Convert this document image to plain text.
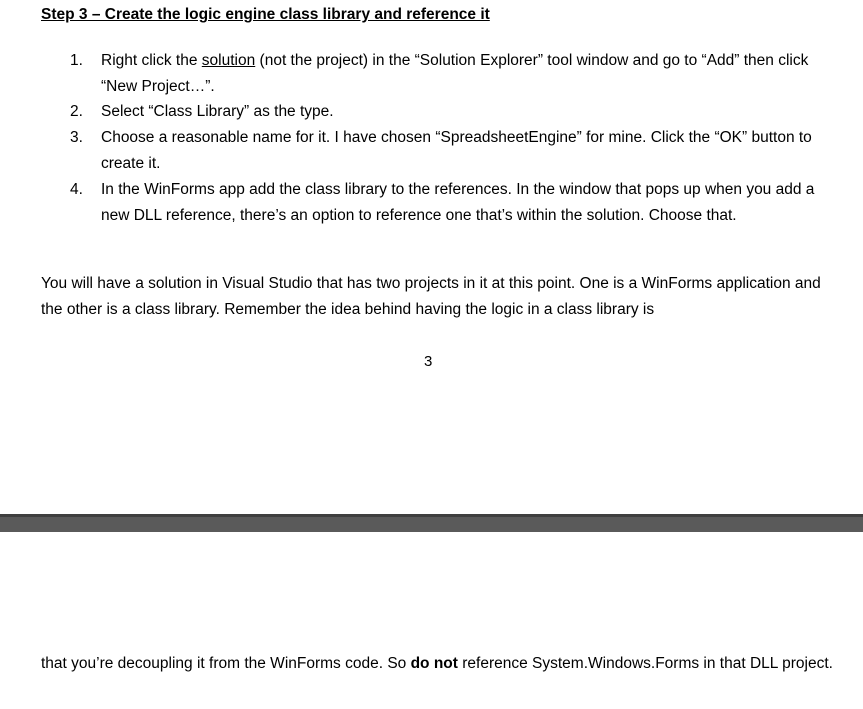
Step 3 – Create the logic engine class library and reference it
1. Right click the solution (not the project) in the “Solution Explorer” tool window and go to “Add” then click “New Project…”.
2. Select “Class Library” as the type.
3. Choose a reasonable name for it. I have chosen “SpreadsheetEngine” for mine. Click the “OK” button to create it.
4. In the WinForms app add the class library to the references. In the window that pops up when you add a new DLL reference, there’s an option to reference one that’s within the solution. Choose that.
You will have a solution in Visual Studio that has two projects in it at this point. One is a WinForms application and the other is a class library. Remember the idea behind having the logic in a class library is
3
that you’re decoupling it from the WinForms code. So do not reference System.Windows.Forms in that DLL project.
